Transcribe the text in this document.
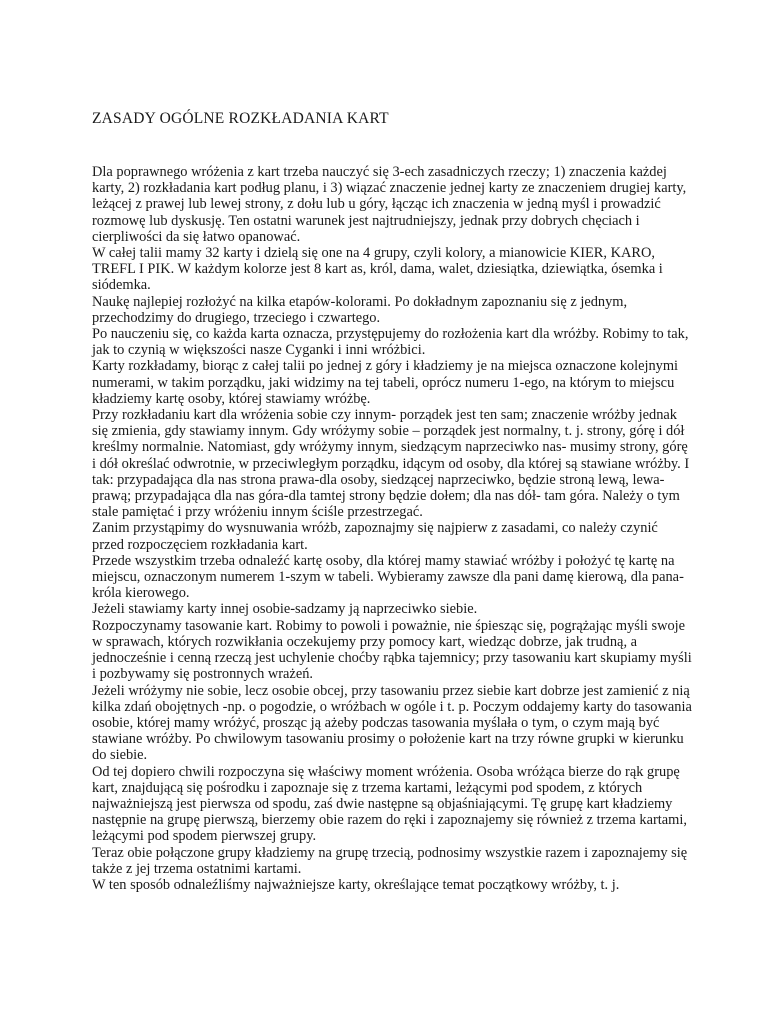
ZASADY OGÓLNE ROZKŁADANIA KART

Dla poprawnego wróżenia z kart trzeba nauczyć się 3-ech zasadniczych rzeczy; 1) znaczenia każdej karty, 2) rozkładania kart podług planu, i 3) wiązać znaczenie jednej karty ze znaczeniem drugiej karty, leżącej z prawej lub lewej strony, z dołu lub u góry, łącząc ich znaczenia w jedną myśl i prowadzić rozmowę lub dyskusję. Ten ostatni warunek jest najtrudniejszy, jednak przy dobrych chęciach i cierpliwości da się łatwo opanować.

W całej talii mamy 32 karty i dzielą się one na 4 grupy, czyli kolory, a mianowicie KIER, KARO, TREFL I PIK. W każdym kolorze jest 8 kart as, król, dama, walet, dziesiątka, dziewiątka, ósemka i siódemka.

Naukę najlepiej rozłożyć na kilka etapów-kolorami. Po dokładnym zapoznaniu się z jednym, przechodzimy do drugiego, trzeciego i czwartego.

Po nauczeniu się, co każda karta oznacza, przystępujemy do rozłożenia kart dla wróżby. Robimy to tak, jak to czynią w większości nasze Cyganki i inni wróżbici.

Karty rozkładamy, biorąc z całej talii po jednej z góry i kładziemy je na miejsca oznaczone kolejnymi numerami, w takim porządku, jaki widzimy na tej tabeli, oprócz numeru 1-ego, na którym to miejscu kładziemy kartę osoby, której stawiamy wróżbę.

Przy rozkładaniu kart dla wróżenia sobie czy innym- porządek jest ten sam; znaczenie wróżby jednak się zmienia, gdy stawiamy innym. Gdy wróżymy sobie – porządek jest normalny, t. j. strony, górę i dół kreślmy normalnie. Natomiast, gdy wróżymy innym, siedzącym naprzeciwko nas- musimy strony, górę i dół określać odwrotnie, w przeciwległym porządku, idącym od osoby, dla której są stawiane wróżby. I tak: przypadająca dla nas strona prawa-dla osoby, siedzącej naprzeciwko, będzie stroną lewą, lewa-prawą; przypadająca dla nas góra-dla tamtej strony będzie dołem; dla nas dół- tam góra. Należy o tym stale pamiętać i przy wróżeniu innym ściśle przestrzegać.

Zanim przystąpimy do wysnuwania wróżb, zapoznajmy się najpierw z zasadami, co należy czynić przed rozpoczęciem rozkładania kart.

Przede wszystkim trzeba odnaleźć kartę osoby, dla której mamy stawiać wróżby i położyć tę kartę na miejscu, oznaczonym numerem 1-szym w tabeli. Wybieramy zawsze dla pani damę kierową, dla pana-króla kierowego.

Jeżeli stawiamy karty innej osobie-sadzamy ją naprzeciwko siebie.

Rozpoczynamy tasowanie kart. Robimy to powoli i poważnie, nie śpiesząc się, pogrążając myśli swoje w sprawach, których rozwikłania oczekujemy przy pomocy kart, wiedząc dobrze, jak trudną, a jednocześnie i cenną rzeczą jest uchylenie choćby rąbka tajemnicy; przy tasowaniu kart skupiamy myśli i pozbywamy się postronnych wrażeń.

Jeżeli wróżymy nie sobie, lecz osobie obcej, przy tasowaniu przez siebie kart dobrze jest zamienić z nią kilka zdań obojętnych -np. o pogodzie, o wróżbach w ogóle i t. p. Poczym oddajemy karty do tasowania osobie, której mamy wróżyć, prosząc ją ażeby podczas tasowania myślała o tym, o czym mają być stawiane wróżby. Po chwilowym tasowaniu prosimy o położenie kart na trzy równe grupki w kierunku do siebie.

Od tej dopiero chwili rozpoczyna się właściwy moment wróżenia. Osoba wróżąca bierze do rąk grupę kart, znajdującą się pośrodku i zapoznaje się z trzema kartami, leżącymi pod spodem, z których najważniejszą jest pierwsza od spodu, zaś dwie następne są objaśniającymi. Tę grupę kart kładziemy następnie na grupę pierwszą, bierzemy obie razem do ręki i zapoznajemy się również z trzema kartami, leżącymi pod spodem pierwszej grupy.

Teraz obie połączone grupy kładziemy na grupę trzecią, podnosimy wszystkie razem i zapoznajemy się także z jej trzema ostatnimi kartami.

W ten sposób odnaleźliśmy najważniejsze karty, określające temat początkowy wróżby, t. j.
